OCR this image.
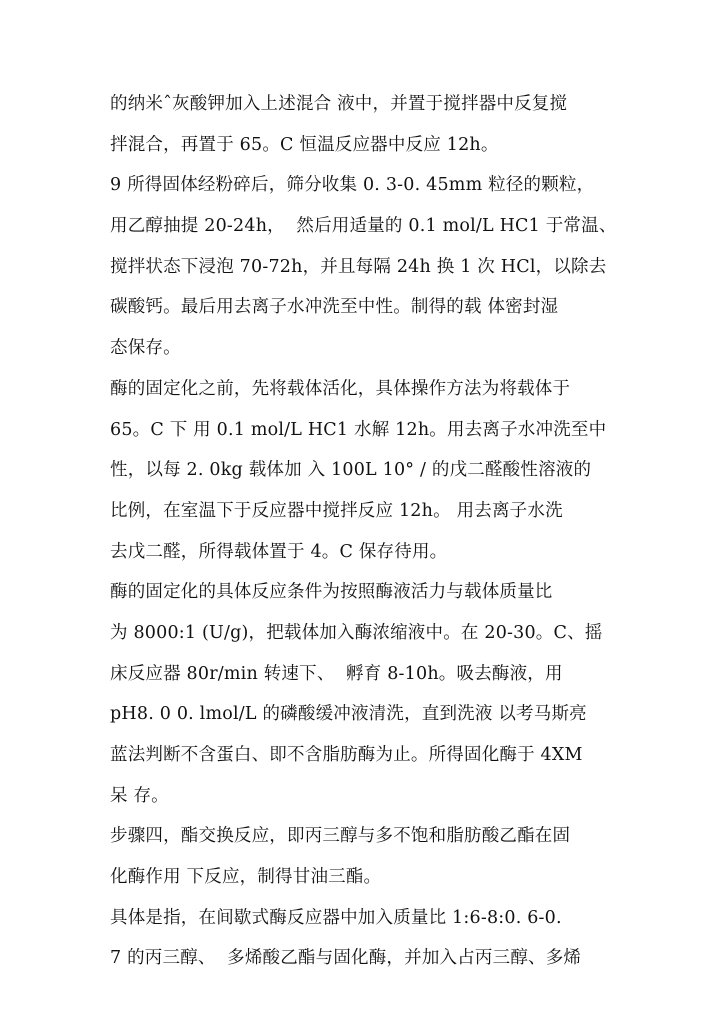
的纳米ˆ灰酸钾加入上述混合 液中，并置于搅拌器中反复搅
拌混合，再置于 65。C 恒温反应器中反应 12h。
9 所得固体经粉碎后，筛分收集 0. 3-0. 45mm 粒径的颗粒，
用乙醇抽提 20-24h，  然后用适量的 0.1 mol/L HC1 于常温、
搅拌状态下浸泡 70-72h，并且每隔 24h 换 1 次 HCl，以除去
碳酸钙。最后用去离子水冲洗至中性。制得的载 体密封湿
态保存。
酶的固定化之前，先将载体活化，具体操作方法为将载体于
65。C 下 用 0.1 mol/L HC1 水解 12h。用去离子水冲洗至中
性，以每 2. 0kg 载体加 入 100L 10° / 的戊二醛酸性溶液的
比例，在室温下于反应器中搅拌反应 12h。 用去离子水洗
去戊二醛，所得载体置于 4。C 保存待用。
酶的固定化的具体反应条件为按照酶液活力与载体质量比
为 8000:1 (U/g)，把载体加入酶浓缩液中。在 20-30。C、摇
床反应器 80r/min 转速下、  孵育 8-10h。吸去酶液，用
pH8. 0 0. lmol/L 的磷酸缓冲液清洗，直到洗液 以考马斯亮
蓝法判断不含蛋白、即不含脂肪酶为止。所得固化酶于 4XM
呆 存。
步骤四，酯交换反应，即丙三醇与多不饱和脂肪酸乙酯在固
化酶作用 下反应，制得甘油三酯。
具体是指，在间歇式酶反应器中加入质量比 1:6-8:0. 6-0.
7 的丙三醇、  多烯酸乙酯与固化酶，并加入占丙三醇、多烯
